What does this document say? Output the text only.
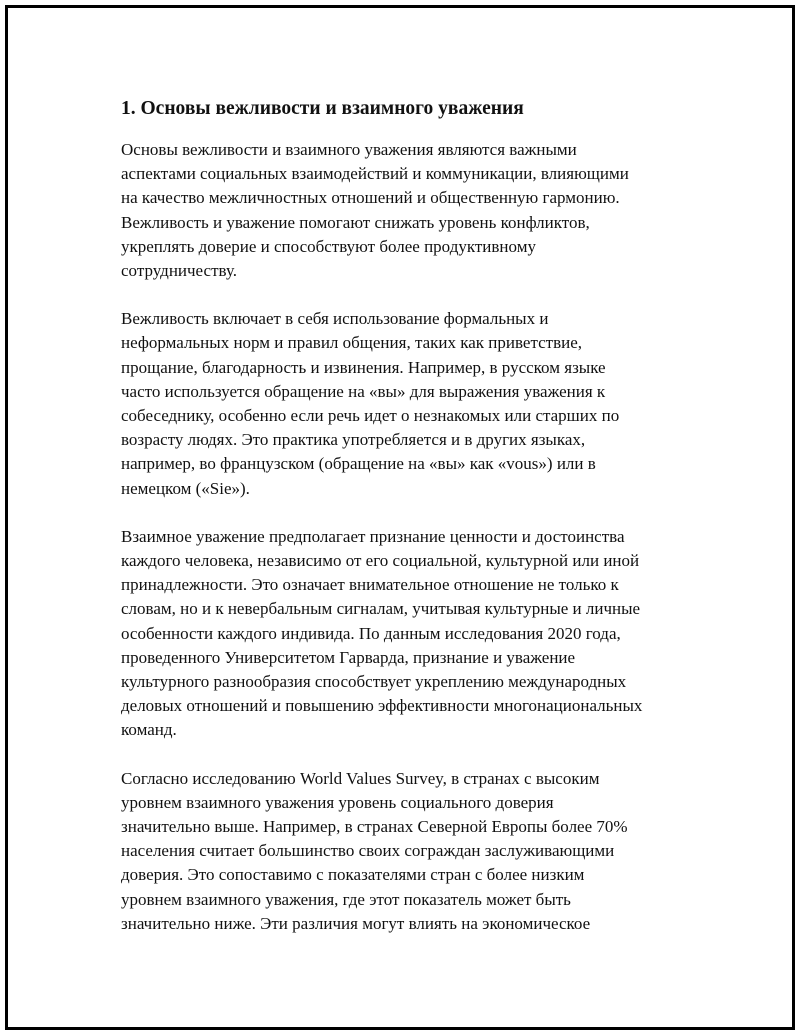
1. Основы вежливости и взаимного уважения

Основы вежливости и взаимного уважения являются важными
аспектами социальных взаимодействий и коммуникации, влияющими
на качество межличностных отношений и общественную гармонию.
Вежливость и уважение помогают снижать уровень конфликтов,
укреплять доверие и способствуют более продуктивному
сотрудничеству.

Вежливость включает в себя использование формальных и
неформальных норм и правил общения, таких как приветствие,
прощание, благодарность и извинения. Например, в русском языке
часто используется обращение на «вы» для выражения уважения к
собеседнику, особенно если речь идет о незнакомых или старших по
возрасту людях. Это практика употребляется и в других языках,
например, во французском (обращение на «вы» как «vous») или в
немецком («Sie»).

Взаимное уважение предполагает признание ценности и достоинства
каждого человека, независимо от его социальной, культурной или иной
принадлежности. Это означает внимательное отношение не только к
словам, но и к невербальным сигналам, учитывая культурные и личные
особенности каждого индивида. По данным исследования 2020 года,
проведенного Университетом Гарварда, признание и уважение
культурного разнообразия способствует укреплению международных
деловых отношений и повышению эффективности многонациональных
команд.

Согласно исследованию World Values Survey, в странах с высоким
уровнем взаимного уважения уровень социального доверия
значительно выше. Например, в странах Северной Европы более 70%
населения считает большинство своих сограждан заслуживающими
доверия. Это сопоставимо с показателями стран с более низким
уровнем взаимного уважения, где этот показатель может быть
значительно ниже. Эти различия могут влиять на экономическое
